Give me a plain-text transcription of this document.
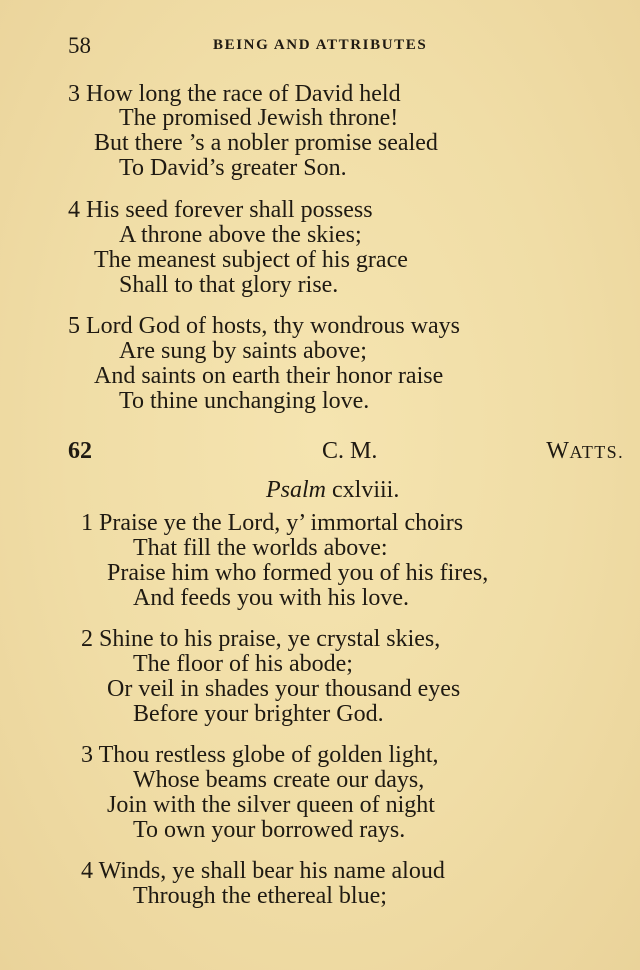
58	BEING AND ATTRIBUTES
3 How long the race of David held
The promised Jewish throne!
But there ’s a nobler promise sealed
To David’s greater Son.
4 His seed forever shall possess
A throne above the skies;
The meanest subject of his grace
Shall to that glory rise.
5 Lord God of hosts, thy wondrous ways
Are sung by saints above;
And saints on earth their honor raise
To thine unchanging love.
62	C. M.	WATTS.
Psalm cxlviii.
1 Praise ye the Lord, y’ immortal choirs
That fill the worlds above:
Praise him who formed you of his fires,
And feeds you with his love.
2 Shine to his praise, ye crystal skies,
The floor of his abode;
Or veil in shades your thousand eyes
Before your brighter God.
3 Thou restless globe of golden light,
Whose beams create our days,
Join with the silver queen of night
To own your borrowed rays.
4 Winds, ye shall bear his name aloud
Through the ethereal blue;
